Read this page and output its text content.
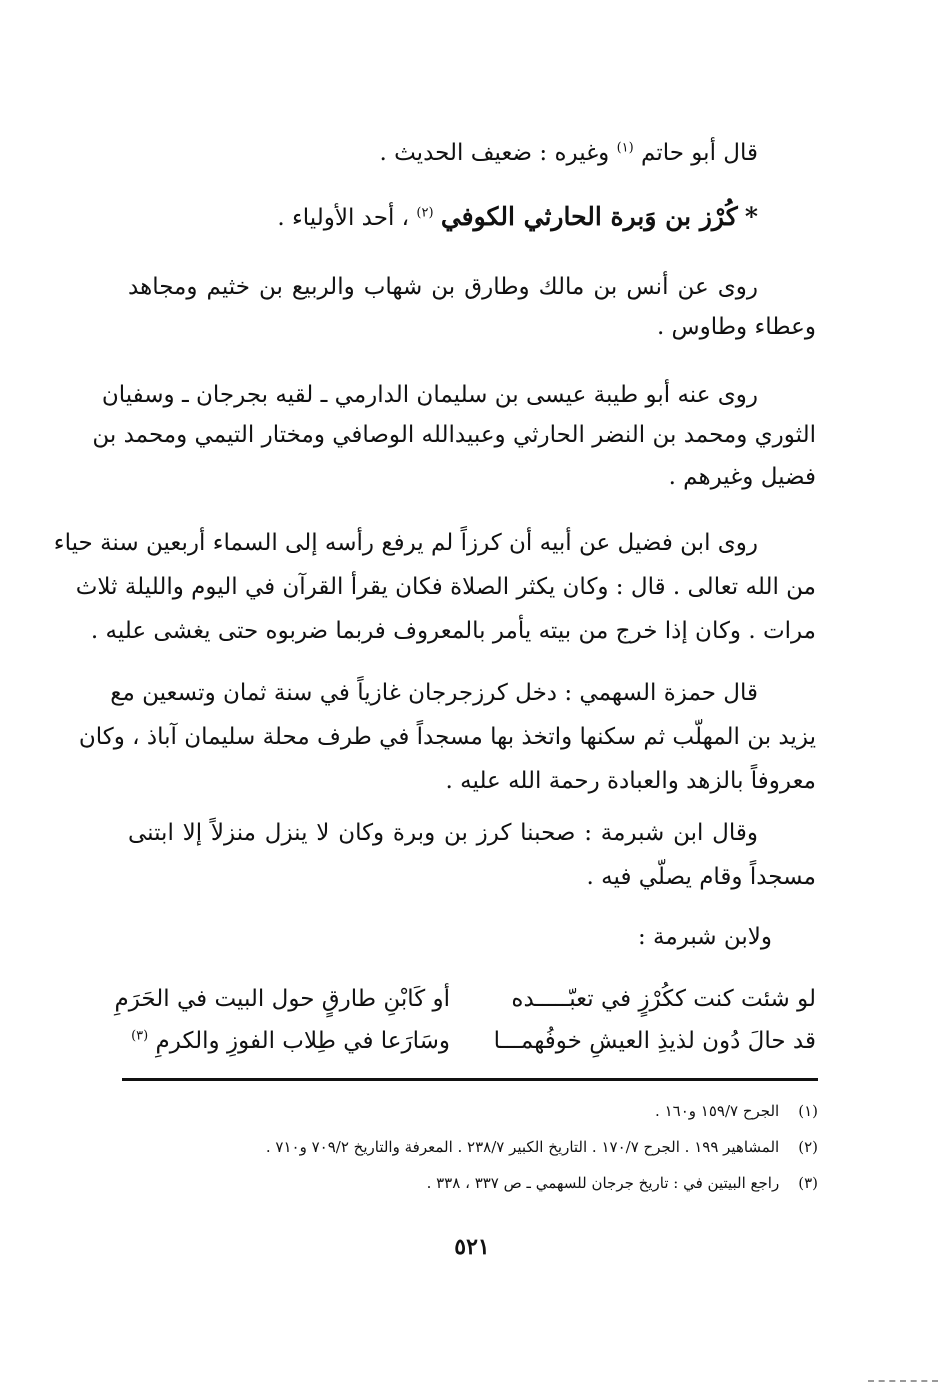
قال أبو حاتم $^{(١)}$ وغيره : ضعيف الحديث .
* كُرْز بن وَبرة الحارثي الكوفي $^{(٢)}$ ، أحد الأولياء .
روى عن أنس بن مالك وطارق بن شهاب والربيع بن خثيم ومجاهد
وعطاء وطاوس .
روى عنه أبو طيبة عيسى بن سليمان الدارمي ـ لقيه بجرجان ـ وسفيان
الثوري ومحمد بن النضر الحارثي وعبيدالله الوصافي ومختار التيمي ومحمد بن
فضيل وغيرهم .
روى ابن فضيل عن أبيه أن كرزاً لم يرفع رأسه إلى السماء أربعين سنة حياء
من الله تعالى . قال : وكان يكثر الصلاة فكان يقرأ القرآن في اليوم والليلة ثلاث
مرات . وكان إذا خرج من بيته يأمر بالمعروف فربما ضربوه حتى يغشى عليه .
قال حمزة السهمي : دخل كرزجرجان غازياً في سنة ثمان وتسعين مع
يزيد بن المهلّب ثم سكنها واتخذ بها مسجداً في طرف محلة سليمان آباذ ، وكان
معروفاً بالزهد والعبادة رحمة الله عليه .
وقال ابن شبرمة : صحبنا كرز بن وبرة وكان لا ينزل منزلاً إلا ابتنى
مسجداً وقام يصلّي فيه .
ولابن شبرمة :
لو شئت كنت ككُرْزٍ في تعبّـــــده
أو كَابْنِ طارقٍ حول البيت في الحَرَمِ
قد حالَ دُون لذيذِ العيشِ خوفُهمـــا
وسَارَعا في طِلاب الفوزِ والكرمِ $^{(٣)}$
(١) الجرح ١٥٩/٧ و١٦٠ .
(٢) المشاهير ١٩٩ . الجرح ١٧٠/٧ . التاريخ الكبير ٢٣٨/٧ . المعرفة والتاريخ ٧٠٩/٢ و٧١٠ .
(٣) راجع البيتين في : تاريخ جرجان للسهمي ـ ص ٣٣٧ ، ٣٣٨ .
٥٢١
